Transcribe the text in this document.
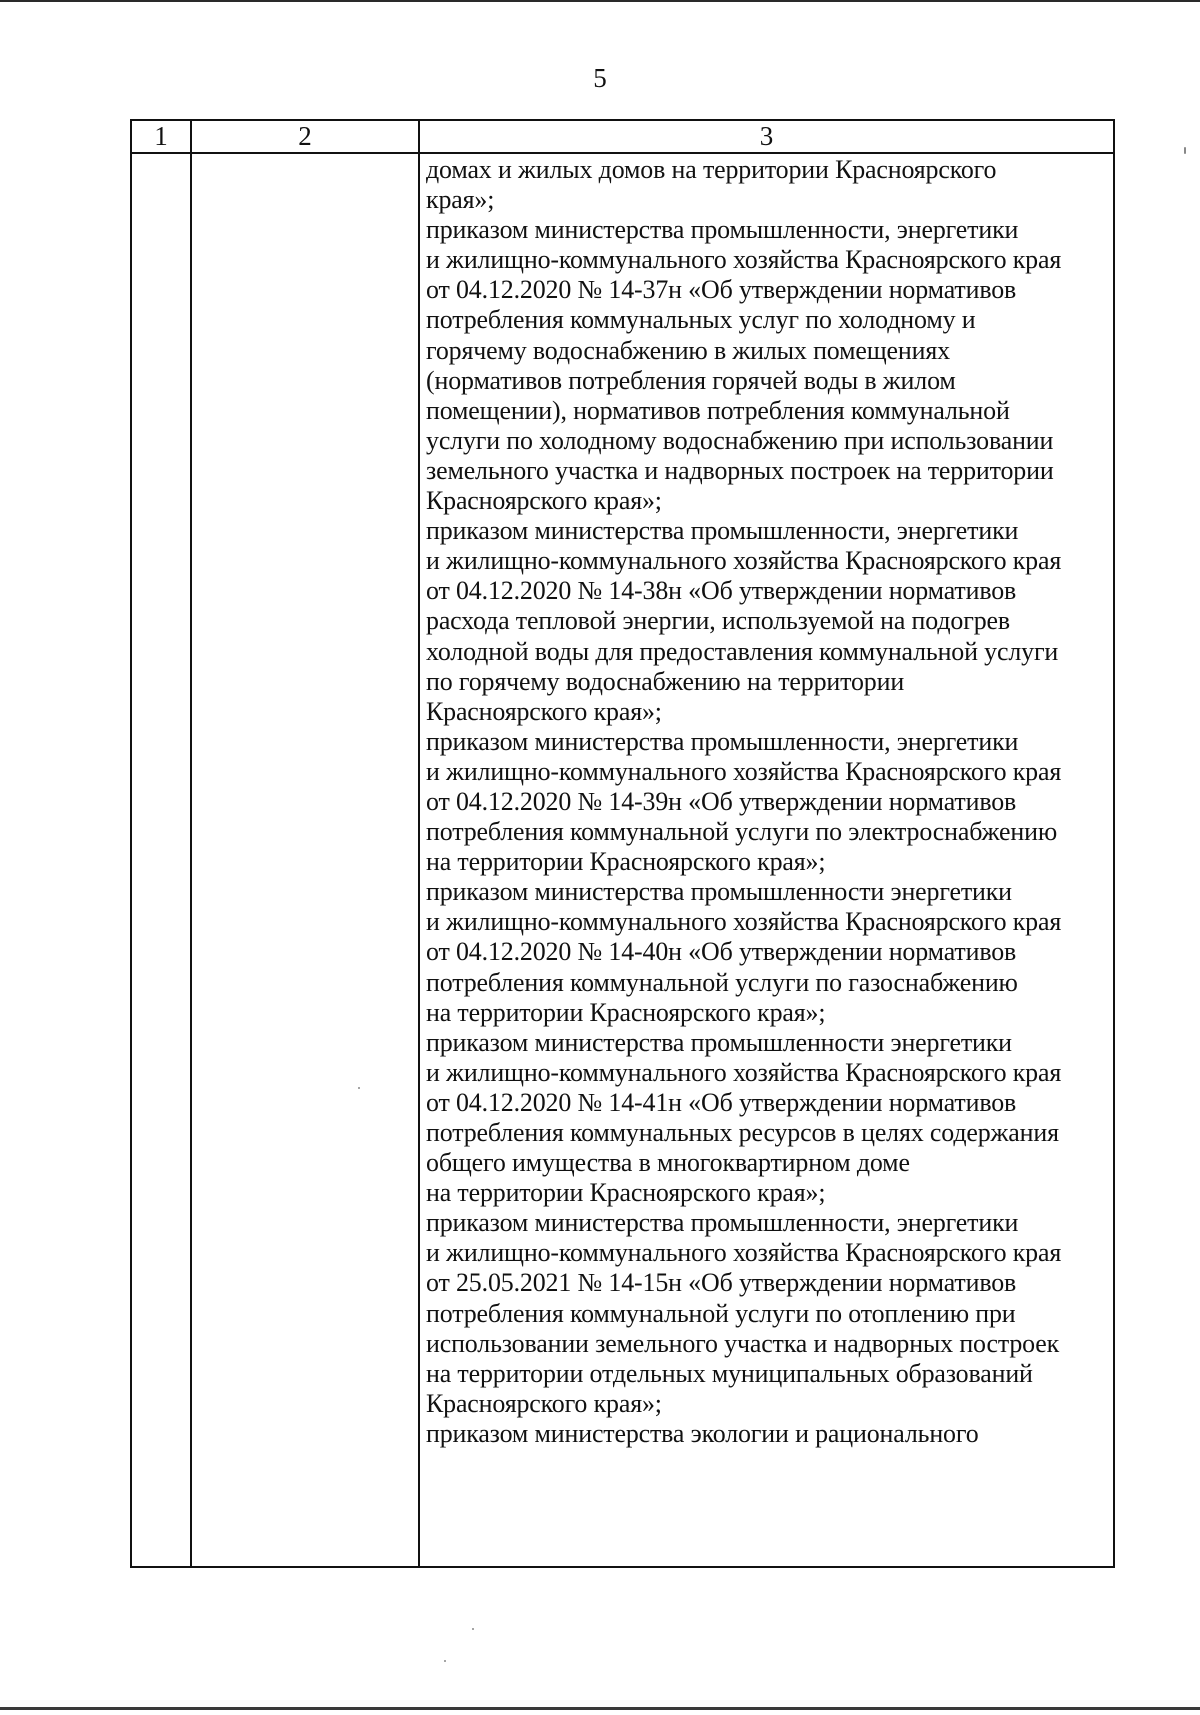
5
1	2	3
домах и жилых домов на территории Красноярского
края»;
приказом министерства промышленности, энергетики
и жилищно-коммунального хозяйства Красноярского края
от 04.12.2020 № 14-37н «Об утверждении нормативов
потребления коммунальных услуг по холодному и
горячему водоснабжению в жилых помещениях
(нормативов потребления горячей воды в жилом
помещении), нормативов потребления коммунальной
услуги по холодному водоснабжению при использовании
земельного участка и надворных построек на территории
Красноярского края»;
приказом министерства промышленности, энергетики
и жилищно-коммунального хозяйства Красноярского края
от 04.12.2020 № 14-38н «Об утверждении нормативов
расхода тепловой энергии, используемой на подогрев
холодной воды для предоставления коммунальной услуги
по горячему водоснабжению на территории
Красноярского края»;
приказом министерства промышленности, энергетики
и жилищно-коммунального хозяйства Красноярского края
от 04.12.2020 № 14-39н «Об утверждении нормативов
потребления коммунальной услуги по электроснабжению
на территории Красноярского края»;
приказом министерства промышленности энергетики
и жилищно-коммунального хозяйства Красноярского края
от 04.12.2020 № 14-40н «Об утверждении нормативов
потребления коммунальной услуги по газоснабжению
на территории Красноярского края»;
приказом министерства промышленности энергетики
и жилищно-коммунального хозяйства Красноярского края
от 04.12.2020 № 14-41н «Об утверждении нормативов
потребления коммунальных ресурсов в целях содержания
общего имущества в многоквартирном доме
на территории Красноярского края»;
приказом министерства промышленности, энергетики
и жилищно-коммунального хозяйства Красноярского края
от 25.05.2021 № 14-15н «Об утверждении нормативов
потребления коммунальной услуги по отоплению при
использовании земельного участка и надворных построек
на территории отдельных муниципальных образований
Красноярского края»;
приказом министерства экологии и рационального
